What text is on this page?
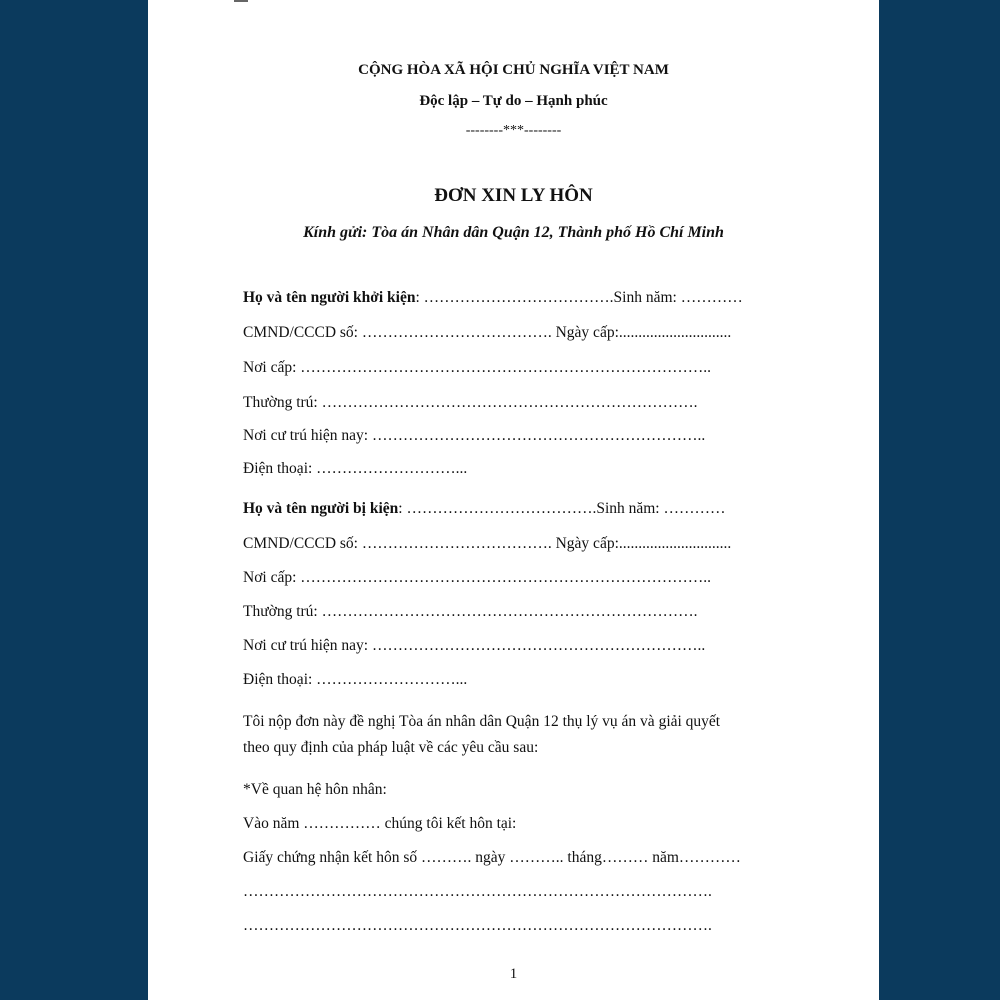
CỘNG HÒA XÃ HỘI CHỦ NGHĨA VIỆT NAM
Độc lập – Tự do – Hạnh phúc
--------***--------
ĐƠN XIN LY HÔN
Kính gửi: Tòa án Nhân dân Quận 12, Thành phố Hồ Chí Minh
Họ và tên người khởi kiện: ……………………………….Sinh năm: …………
CMND/CCCD số: ………………………………. Ngày cấp:.............................
Nơi cấp: ……………………………………………………………………..
Thường trú: ……………………………………………………………….
Nơi cư trú hiện nay: ………………………………………………………..
Điện thoại: ………………………...
Họ và tên người bị kiện: ……………………………….Sinh năm: …………
CMND/CCCD số: ………………………………. Ngày cấp:.............................
Nơi cấp: ……………………………………………………………………..
Thường trú: ……………………………………………………………….
Nơi cư trú hiện nay: ………………………………………………………..
Điện thoại: ………………………...
Tôi nộp đơn này đề nghị Tòa án nhân dân Quận 12 thụ lý vụ án và giải quyết
theo quy định của pháp luật về các yêu cầu sau:
*Về quan hệ hôn nhân:
Vào năm …………… chúng tôi kết hôn tại:
Giấy chứng nhận kết hôn số ………. ngày ……….. tháng……… năm…………
……………………………………………………………………………….
……………………………………………………………………………….
1
